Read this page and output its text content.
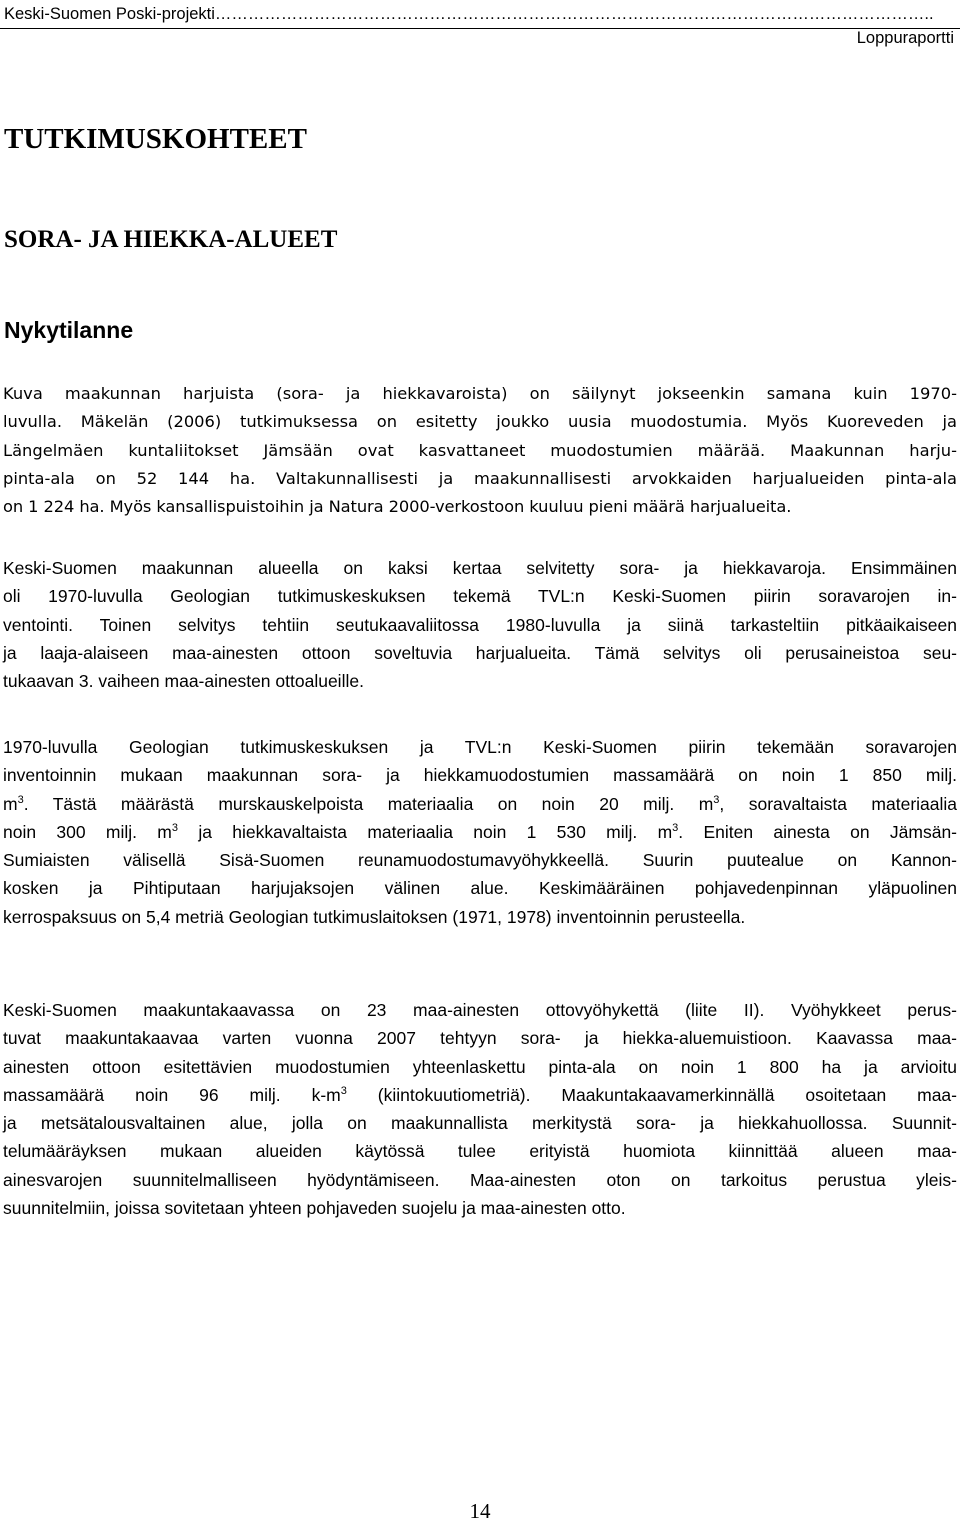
Keski-Suomen Poski-projekti…………………………………………………………………………………………………………………..
Loppuraportti
TUTKIMUSKOHTEET
SORA- JA HIEKKA-ALUEET
Nykytilanne
Kuva maakunnan harjuista (sora- ja hiekkavaroista) on säilynyt jokseenkin samana kuin 1970-
luvulla. Mäkelän (2006) tutkimuksessa on esitetty joukko uusia muodostumia. Myös Kuoreveden ja
Längelmäen kuntaliitokset Jämsään ovat kasvattaneet muodostumien määrää. Maakunnan harju-
pinta-ala on 52 144 ha. Valtakunnallisesti ja maakunnallisesti arvokkaiden harjualueiden pinta-ala
on 1 224 ha. Myös kansallispuistoihin ja Natura 2000-verkostoon kuuluu pieni määrä harjualueita.
Keski-Suomen maakunnan alueella on kaksi kertaa selvitetty sora- ja hiekkavaroja. Ensimmäinen
oli 1970-luvulla Geologian tutkimuskeskuksen tekemä TVL:n Keski-Suomen piirin soravarojen in-
ventointi. Toinen selvitys tehtiin seutukaavaliitossa 1980-luvulla ja siinä tarkasteltiin pitkäaikaiseen
ja laaja-alaiseen maa-ainesten ottoon soveltuvia harjualueita. Tämä selvitys oli perusaineistoa seu-
tukaavan 3. vaiheen maa-ainesten ottoalueille.
1970-luvulla Geologian tutkimuskeskuksen ja TVL:n Keski-Suomen piirin tekemään soravarojen
inventoinnin mukaan maakunnan sora- ja hiekkamuodostumien massamäärä on noin 1 850 milj.
$m^3$. Tästä määrästä murskauskelpoista materiaalia on noin 20 milj. $m^3$, soravaltaista materiaalia
noin 300 milj. $m^3$ ja hiekkavaltaista materiaalia noin 1 530 milj. $m^3$. Eniten ainesta on Jämsän-
Sumiaisten välisellä Sisä-Suomen reunamuodostumavyöhykkeellä. Suurin puutealue on Kannon-
kosken ja Pihtiputaan harjujaksojen välinen alue. Keskimääräinen pohjavedenpinnan yläpuolinen
kerrospaksuus on 5,4 metriä Geologian tutkimuslaitoksen (1971, 1978) inventoinnin perusteella.
Keski-Suomen maakuntakaavassa on 23 maa-ainesten ottovyöhykettä (liite II). Vyöhykkeet perus-
tuvat maakuntakaavaa varten vuonna 2007 tehtyyn sora- ja hiekka-aluemuistioon. Kaavassa maa-
ainesten ottoon esitettävien muodostumien yhteenlaskettu pinta-ala on noin 1 800 ha ja arvioitu
massamäärä noin 96 milj. $k-m^3$ (kiintokuutiometriä). Maakuntakaavamerkinnällä osoitetaan maa-
ja metsätalousvaltainen alue, jolla on maakunnallista merkitystä sora- ja hiekkahuollossa. Suunnit-
telumääräyksen mukaan alueiden käytössä tulee erityistä huomiota kiinnittää alueen maa-
ainesvarojen suunnitelmalliseen hyödyntämiseen. Maa-ainesten oton on tarkoitus perustua yleis-
suunnitelmiin, joissa sovitetaan yhteen pohjaveden suojelu ja maa-ainesten otto.
14
